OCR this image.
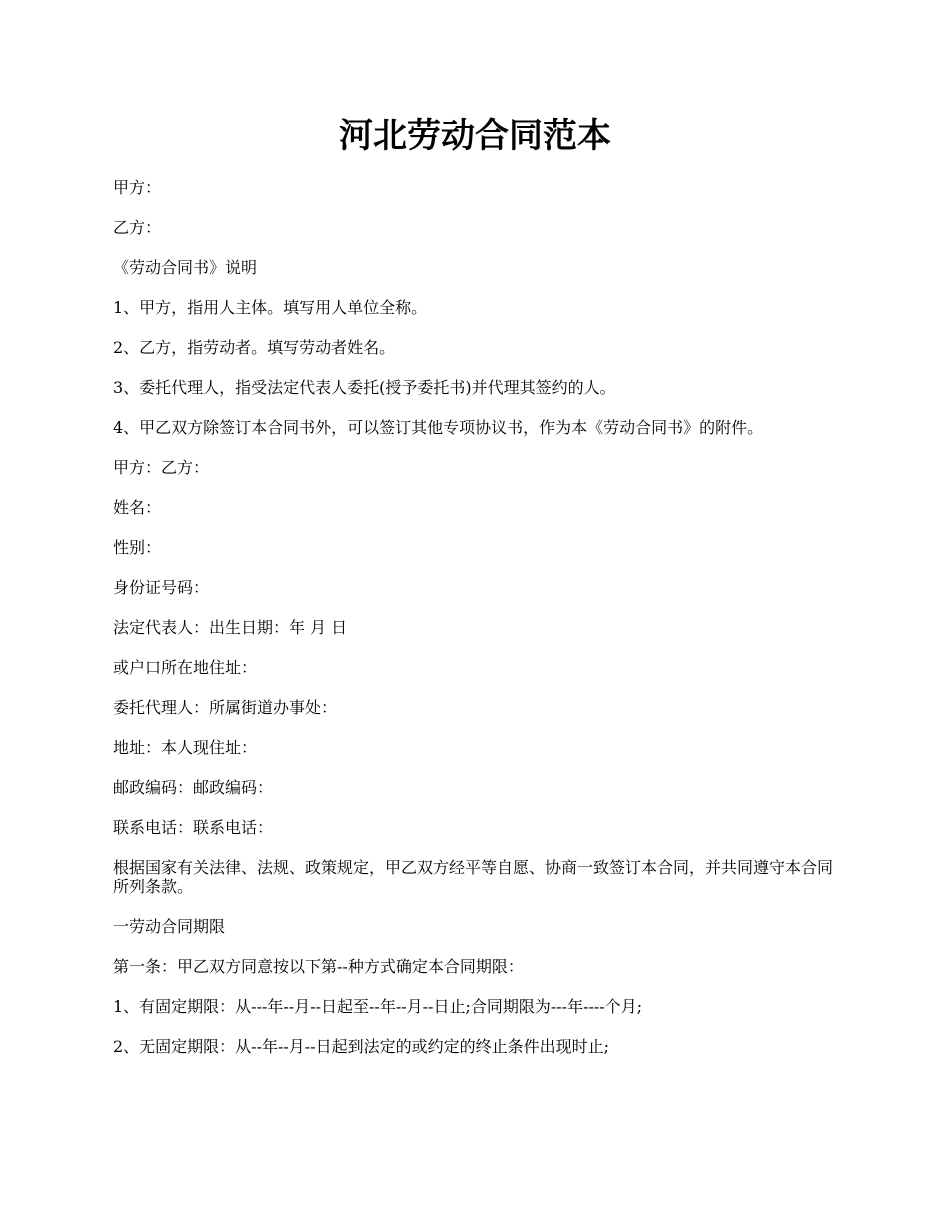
河北劳动合同范本

甲方：

乙方：

《劳动合同书》说明

1、甲方，指用人主体。填写用人单位全称。

2、乙方，指劳动者。填写劳动者姓名。

3、委托代理人，指受法定代表人委托(授予委托书)并代理其签约的人。

4、甲乙双方除签订本合同书外，可以签订其他专项协议书，作为本《劳动合同书》的附件。

甲方：乙方：

姓名：

性别：

身份证号码：

法定代表人：出生日期：年 月 日

或户口所在地住址：

委托代理人：所属街道办事处：

地址：本人现住址：

邮政编码：邮政编码：

联系电话：联系电话：

根据国家有关法律、法规、政策规定，甲乙双方经平等自愿、协商一致签订本合同，并共同遵守本合同所列条款。

一劳动合同期限

第一条：甲乙双方同意按以下第--种方式确定本合同期限：

1、有固定期限：从---年--月--日起至--年--月--日止;合同期限为---年----个月;

2、无固定期限：从--年--月--日起到法定的或约定的终止条件出现时止;
